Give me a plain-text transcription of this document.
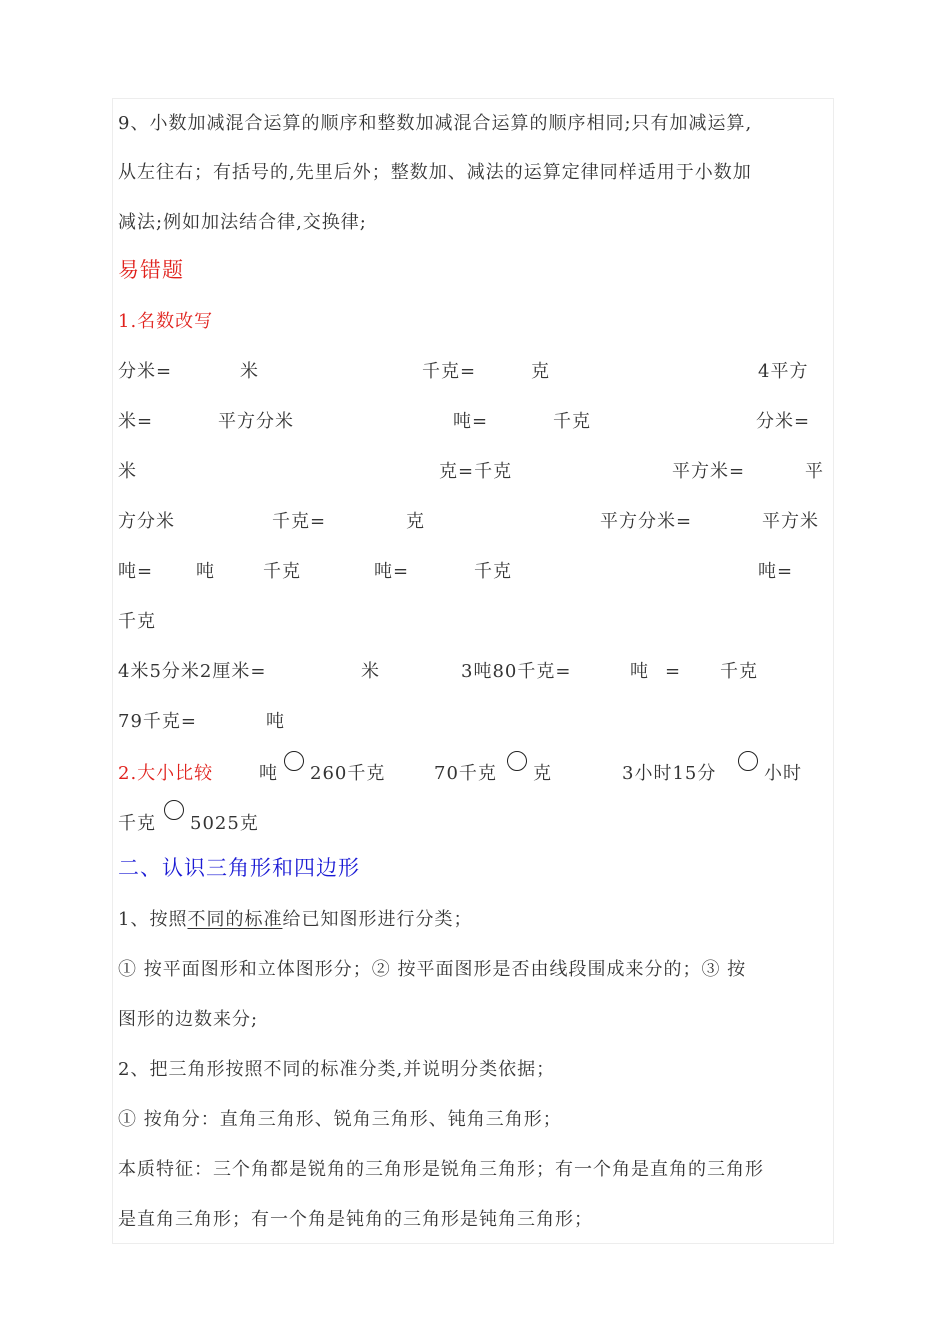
9、小数加减混合运算的顺序和整数加减混合运算的顺序相同;只有加减运算,
从左往右；有括号的,先里后外；整数加、减法的运算定律同样适用于小数加
减法;例如加法结合律,交换律;
易错题
1.名数改写
分米=	米	千克=	克	4平方
米=	平方分米	吨=	千克	分米=
米	克=千克	平方米=	平
方分米	千克=	克	平方分米=	平方米
吨= 吨	千克	吨=	千克	吨=
千克
4米5分米2厘米=	米	3吨80千克=	吨 = 千克
79千克=	吨
2.大小比较	吨 260千克	70千克 克	3小时15分	小时
千克 5025克
二、认识三角形和四边形
1、按照不同的标准给已知图形进行分类；
① 按平面图形和立体图形分；② 按平面图形是否由线段围成来分的；③ 按
图形的边数来分;
2、把三角形按照不同的标准分类,并说明分类依据；
① 按角分：直角三角形、锐角三角形、钝角三角形；
本质特征：三个角都是锐角的三角形是锐角三角形；有一个角是直角的三角形
是直角三角形；有一个角是钝角的三角形是钝角三角形；
